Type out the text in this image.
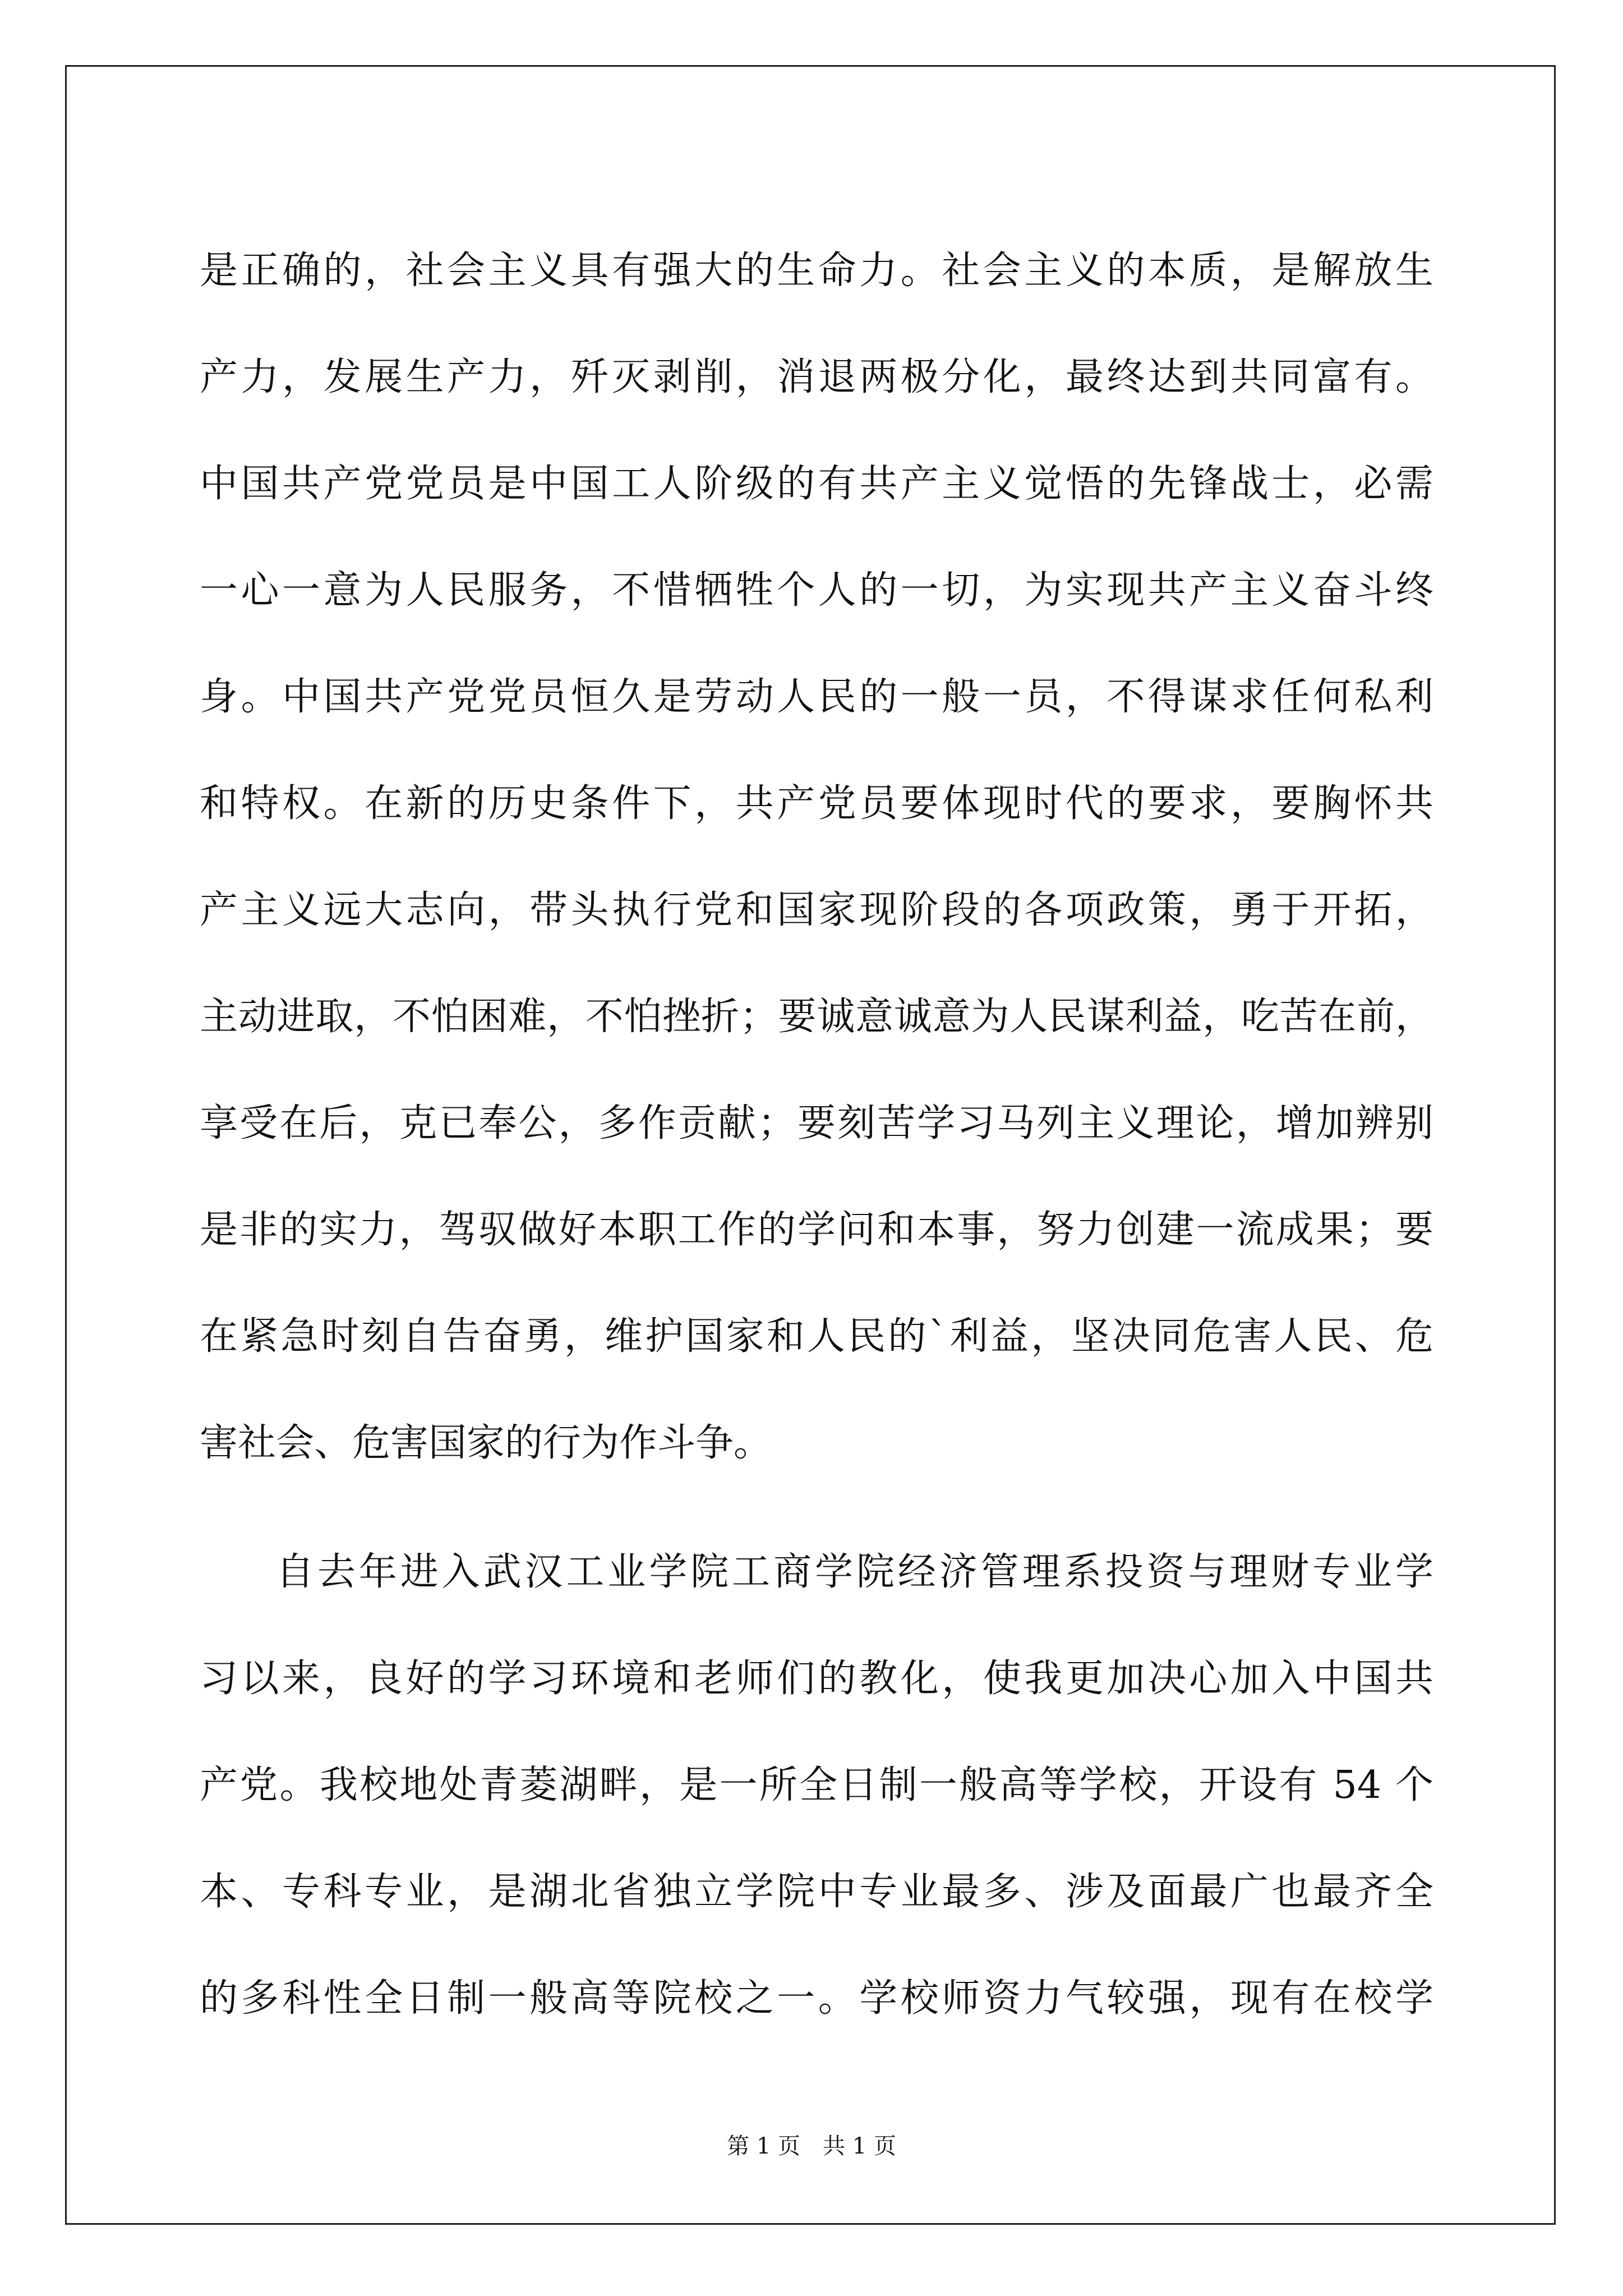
是正确的，社会主义具有强大的生命力。社会主义的本质，是解放生
产力，发展生产力，歼灭剥削，消退两极分化，最终达到共同富有。
中国共产党党员是中国工人阶级的有共产主义觉悟的先锋战士，必需
一心一意为人民服务，不惜牺牲个人的一切，为实现共产主义奋斗终
身。中国共产党党员恒久是劳动人民的一般一员，不得谋求任何私利
和特权。在新的历史条件下，共产党员要体现时代的要求，要胸怀共
产主义远大志向，带头执行党和国家现阶段的各项政策，勇于开拓，
主动进取，不怕困难，不怕挫折；要诚意诚意为人民谋利益，吃苦在前，
享受在后，克已奉公，多作贡献；要刻苦学习马列主义理论，增加辨别
是非的实力，驾驭做好本职工作的学问和本事，努力创建一流成果；要
在紧急时刻自告奋勇，维护国家和人民的`利益，坚决同危害人民、危
害社会、危害国家的行为作斗争。
自去年进入武汉工业学院工商学院经济管理系投资与理财专业学
习以来，良好的学习环境和老师们的教化，使我更加决心加入中国共
产党。我校地处青菱湖畔，是一所全日制一般高等学校，开设有 54 个
本、专科专业，是湖北省独立学院中专业最多、涉及面最广也最齐全
的多科性全日制一般高等院校之一。学校师资力气较强，现有在校学
第 1 页　共 1 页
